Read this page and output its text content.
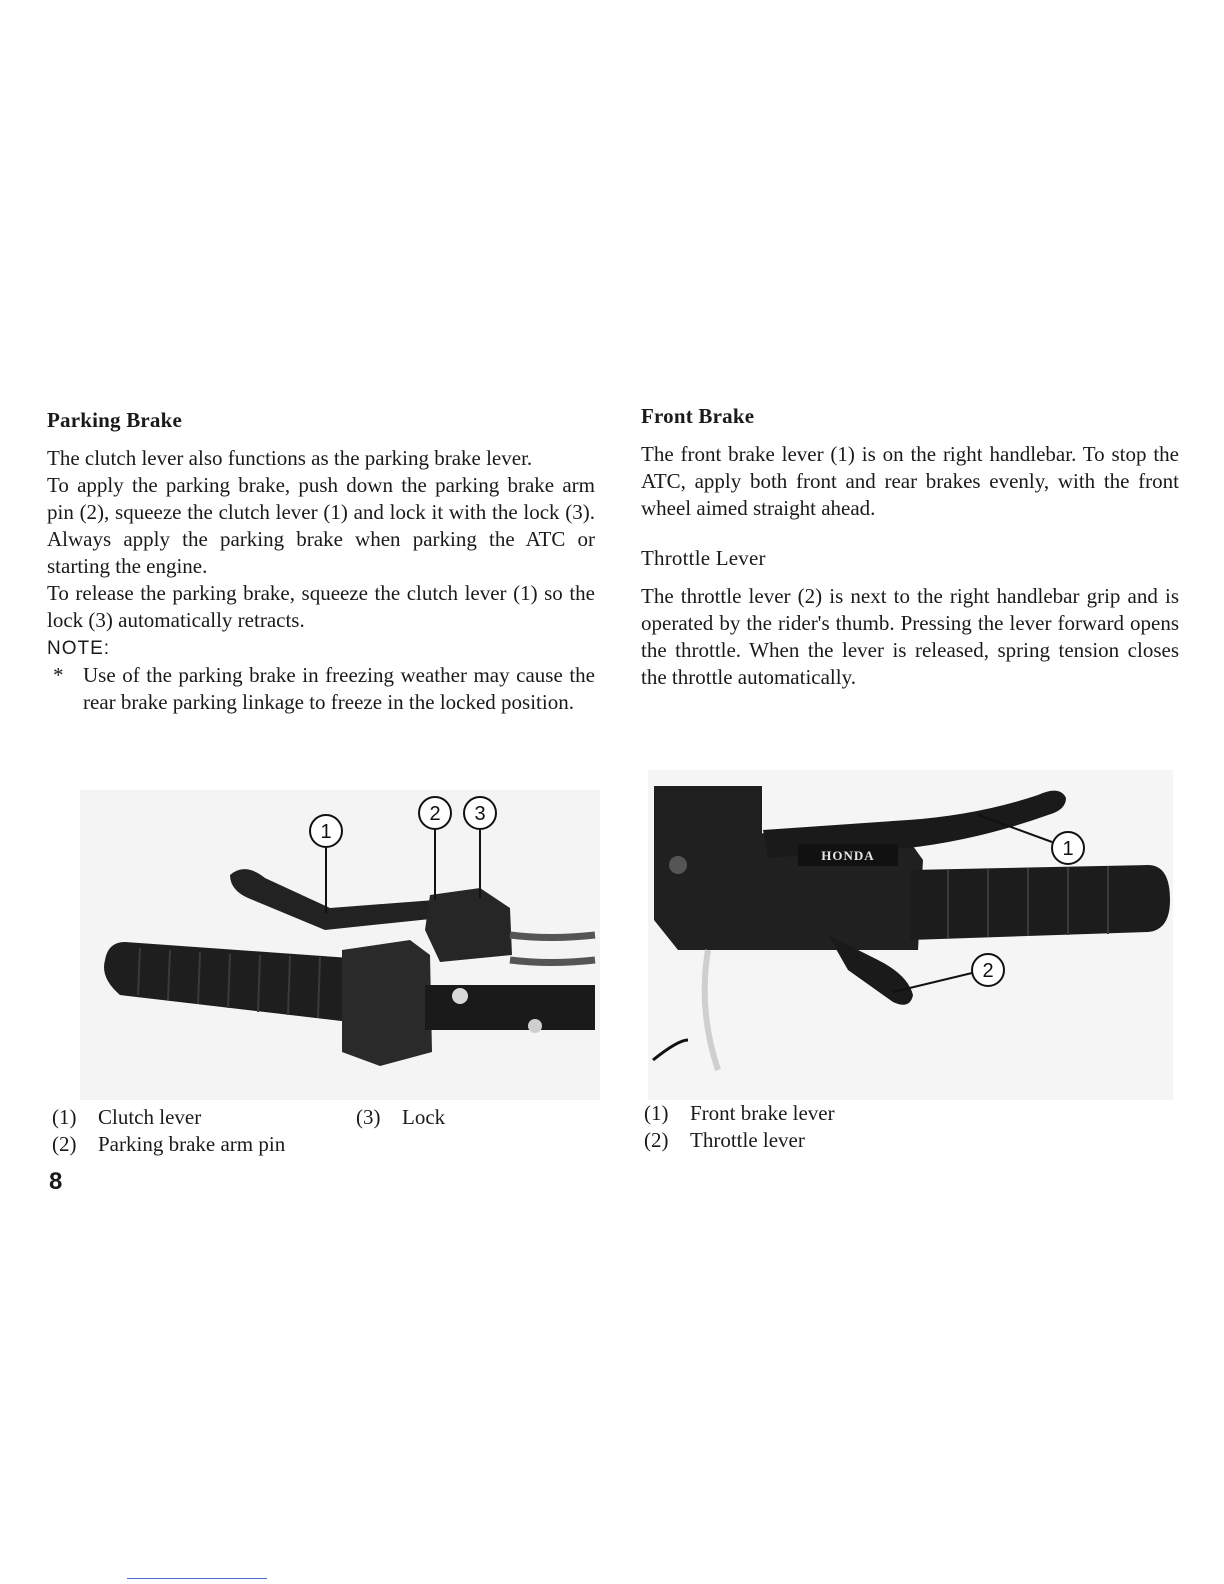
Parking Brake

The clutch lever also functions as the parking brake lever.

To apply the parking brake, push down the parking brake arm pin (2), squeeze the clutch lever (1) and lock it with the lock (3). Always apply the parking brake when parking the ATC or starting the engine.

To release the parking brake, squeeze the clutch lever (1) so the lock (3) automatically retracts.

NOTE:

* Use of the parking brake in freezing weather may cause the rear brake parking linkage to freeze in the locked position.

1
2 3
(1) Clutch lever	(3) Lock
(2) Parking brake arm pin
8
Front Brake

The front brake lever (1) is on the right handlebar. To stop the ATC, apply both front and rear brakes evenly, with the front wheel aimed straight ahead.

Throttle Lever

The throttle lever (2) is next to the right handlebar grip and is operated by the rider's thumb. Pressing the lever forward opens the throttle. When the lever is released, spring tension closes the throttle automatically.

HONDA	1
2
(1) Front brake lever
(2) Throttle lever
